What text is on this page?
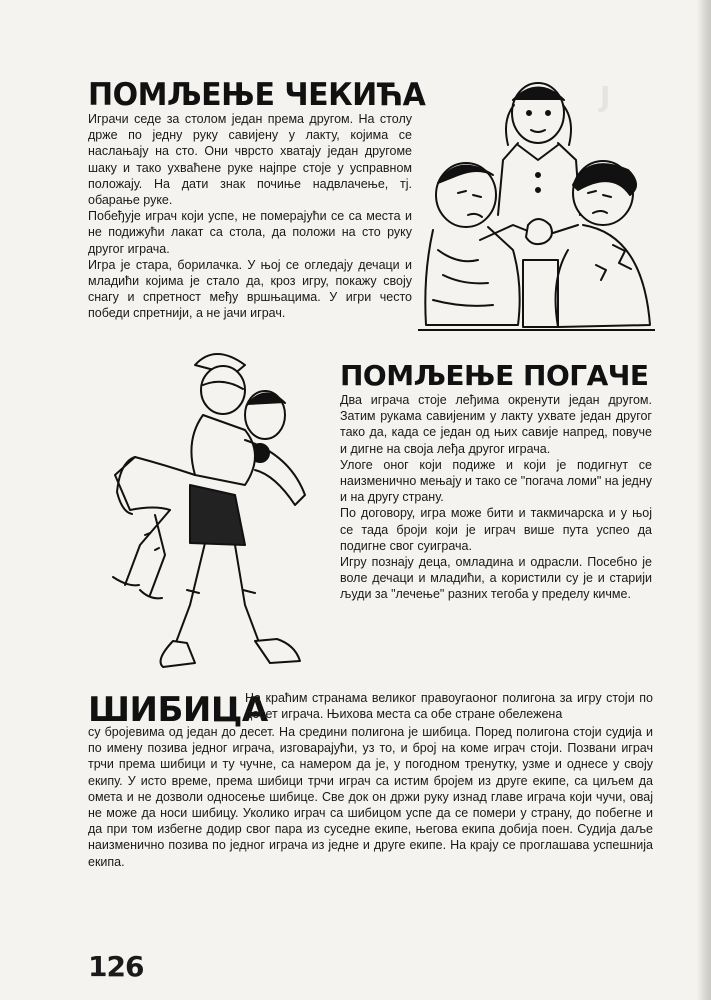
J
ПОМЉЕЊЕ ЧЕКИЋА

Играчи седе за столом један према другом. На столу држе по једну руку савијену у лакту, којима се наслањају на сто. Они чврсто хватају један другоме шаку и тако ухваћене руке најпре стоје у усправном положају. На дати знак почиње надвлачење, тј. обарање руке.

Побеђује играч који успе, не померајући се са места и не подижући лакат са стола, да положи на сто руку другог играча.

Игра је стара, борилачка. У њој се огледају дечаци и младићи којима је стало да, кроз игру, покажу своју снагу и спретност међу вршњацима. У игри често победи спретнији, а не јачи играч.

ПОМЉЕЊЕ ПОГАЧЕ

Два играча стоје леђима окренути један другом. Затим рукама савијеним у лакту ухвате један другог тако да, када се један од њих савије напред, повуче и дигне на своја леђа другог играча.

Улоге оног који подиже и који је подигнут се наизменично мењају и тако се "погача ломи" на једну и на другу страну.

По договору, игра може бити и такмичарска и у њој се тада броји који је играч више пута успео да подигне свог суиграча.

Игру познају деца, омладина и одрасли. Посебно је воле дечаци и младићи, а користили су је и старији људи за "лечење" разних тегоба у пределу кичме.

ШИБИЦА

На краћим странама великог правоугаоног полигона за игру стоји по десет играча. Њихова места са обе стране обележена

су бројевима од један до десет. На средини полигона је шибица. Поред полигона стоји судија и по имену позива једног играча, изговарајући, уз то, и број на коме играч стоји. Позвани играч трчи према шибици и ту чучне, са намером да је, у погодном тренутку, узме и однесе у своју екипу. У исто време, према шибици трчи играч са истим бројем из друге екипе, са циљем да омета и не дозволи односење шибице. Све док он држи руку изнад главе играча који чучи, овај не може да носи шибицу. Уколико играч са шибицом успе да се помери у страну, до побегне и да при том избегне додир свог пара из суседне екипе, његова екипа добија поен. Судија даље наизменично позива по једног играча из једне и друге екипе. На крају се проглашава успешнија екипа.

126
